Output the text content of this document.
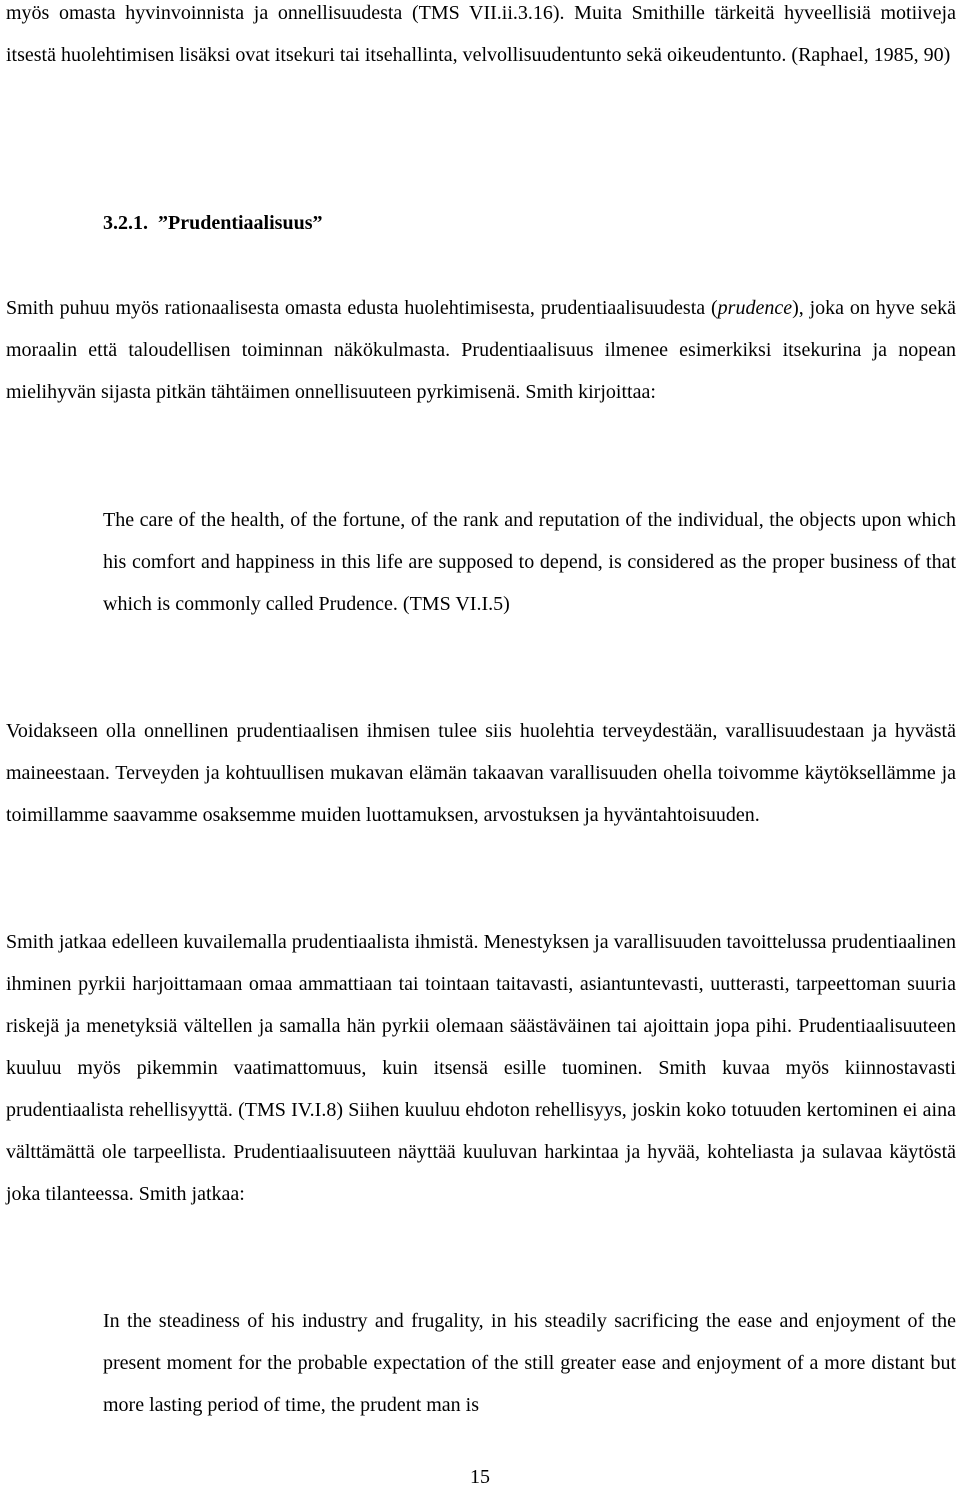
myös omasta hyvinvoinnista ja onnellisuudesta (TMS VII.ii.3.16). Muita Smithille tärkeitä hyveellisiä motiiveja itsestä huolehtimisen lisäksi ovat itsekuri tai itsehallinta, velvollisuudentunto sekä oikeudentunto. (Raphael, 1985, 90)

3.2.1. ”Prudentiaalisuus”

Smith puhuu myös rationaalisesta omasta edusta huolehtimisesta, prudentiaalisuudesta (prudence), joka on hyve sekä moraalin että taloudellisen toiminnan näkökulmasta. Prudentiaalisuus ilmenee esimerkiksi itsekurina ja nopean mielihyvän sijasta pitkän tähtäimen onnellisuuteen pyrkimisenä. Smith kirjoittaa:

The care of the health, of the fortune, of the rank and reputation of the individual, the objects upon which his comfort and happiness in this life are supposed to depend, is considered as the proper business of that which is commonly called Prudence. (TMS VI.I.5)

Voidakseen olla onnellinen prudentiaalisen ihmisen tulee siis huolehtia terveydestään, varallisuudestaan ja hyvästä maineestaan. Terveyden ja kohtuullisen mukavan elämän takaavan varallisuuden ohella toivomme käytöksellämme ja toimillamme saavamme osaksemme muiden luottamuksen, arvostuksen ja hyväntahtoisuuden.

Smith jatkaa edelleen kuvailemalla prudentiaalista ihmistä. Menestyksen ja varallisuuden tavoittelussa prudentiaalinen ihminen pyrkii harjoittamaan omaa ammattiaan tai tointaan taitavasti, asiantuntevasti, uutterasti, tarpeettoman suuria riskejä ja menetyksiä vältellen ja samalla hän pyrkii olemaan säästäväinen tai ajoittain jopa pihi. Prudentiaalisuuteen kuuluu myös pikemmin vaatimattomuus, kuin itsensä esille tuominen. Smith kuvaa myös kiinnostavasti prudentiaalista rehellisyyttä. (TMS IV.I.8) Siihen kuuluu ehdoton rehellisyys, joskin koko totuuden kertominen ei aina välttämättä ole tarpeellista. Prudentiaalisuuteen näyttää kuuluvan harkintaa ja hyvää, kohteliasta ja sulavaa käytöstä joka tilanteessa. Smith jatkaa:

In the steadiness of his industry and frugality, in his steadily sacrificing the ease and enjoyment of the present moment for the probable expectation of the still greater ease and enjoyment of a more distant but more lasting period of time, the prudent man is

15
